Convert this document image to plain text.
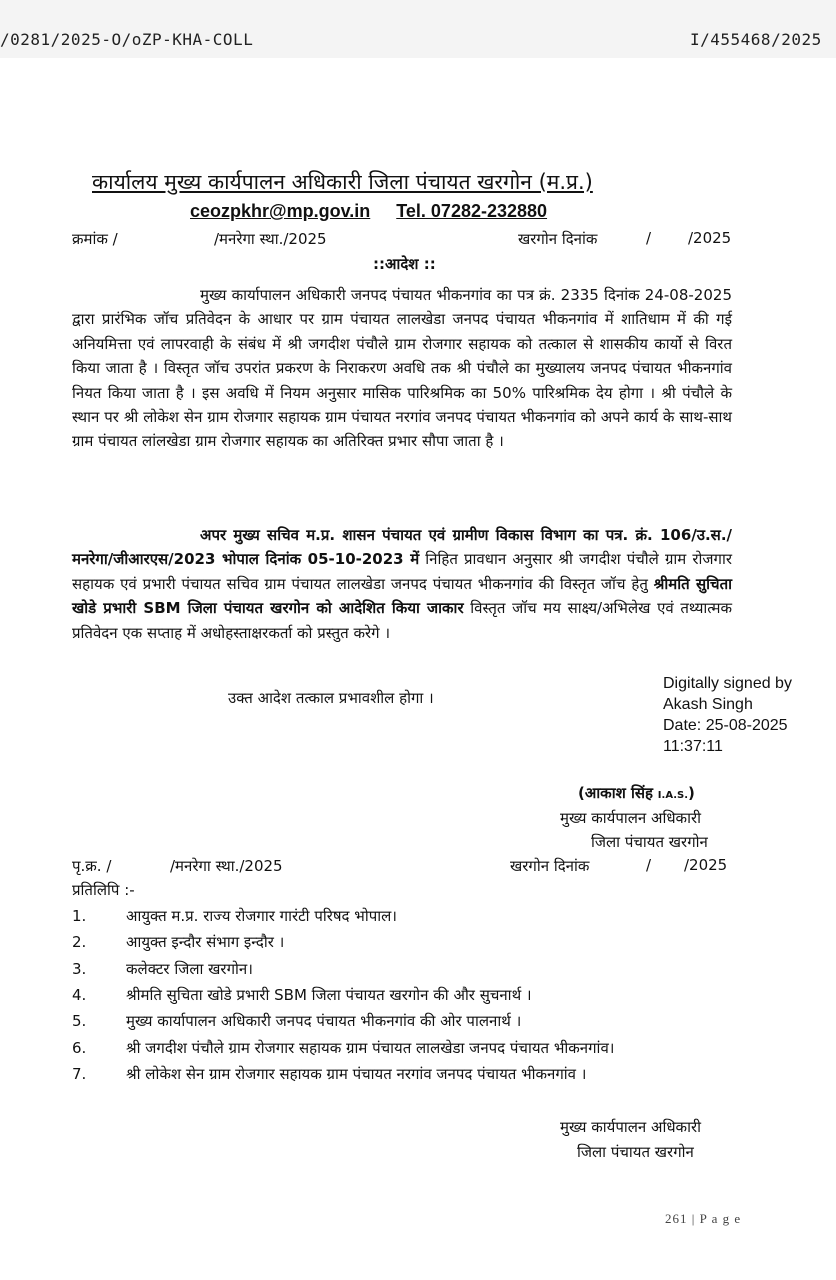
/0281/2025-O/oZP-KHA-COLL	I/455468/2025
कार्यालय मुख्य कार्यपालन अधिकारी जिला पंचायत खरगोन (म.प्र.)
ceozpkhr@mp.gov.in Tel. 07282-232880
क्रमांक /	/मनरेगा स्था./2025	खरगोन दिनांक	/ /2025
::आदेश ::
मुख्य कार्यापालन अधिकारी जनपद पंचायत भीकनगांव का पत्र क्रं. 2335 दिनांक 24-08-2025 द्वारा प्रारंभिक जॉच प्रतिवेदन के आधार पर ग्राम पंचायत लालखेडा जनपद पंचायत भीकनगांव में शातिधाम में की गई अनियमित्ता एवं लापरवाही के संबंध में श्री जगदीश पंचौले ग्राम रोजगार सहायक को तत्काल से शासकीय कार्यो से विरत किया जाता है । विस्तृत जॉच उपरांत प्रकरण के निराकरण अवधि तक श्री पंचौले का मुख्यालय जनपद पंचायत भीकनगांव नियत किया जाता है । इस अवधि में नियम अनुसार मासिक पारिश्रमिक का 50% पारिश्रमिक देय होगा । श्री पंचौले के स्थान पर श्री लोकेश सेन ग्राम रोजगार सहायक ग्राम पंचायत नरगांव जनपद पंचायत भीकनगांव को अपने कार्य के साथ-साथ ग्राम पंचायत लांलखेडा ग्राम रोजगार सहायक का अतिरिक्त प्रभार सौपा जाता है ।
अपर मुख्य सचिव म.प्र. शासन पंचायत एवं ग्रामीण विकास विभाग का पत्र. क्रं. 106/उ.स./मनरेगा/जीआरएस/2023 भोपाल दिनांक 05-10-2023 में निहित प्रावधान अनुसार श्री जगदीश पंचौले ग्राम रोजगार सहायक एवं प्रभारी पंचायत सचिव ग्राम पंचायत लालखेडा जनपद पंचायत भीकनगांव की विस्तृत जॉच हेतु श्रीमति सुचिता खोडे प्रभारी SBM जिला पंचायत खरगोन को आदेशित किया जाकार विस्तृत जॉच मय साक्ष्य/अभिलेख एवं तथ्यात्मक प्रतिवेदन एक सप्ताह में अधोहस्ताक्षरकर्ता को प्रस्तुत करेगे ।
उक्त आदेश तत्काल प्रभावशील होगा ।
Digitally signed by
Akash Singh
Date: 25-08-2025
11:37:11
(आकाश सिंह I.A.S.)
मुख्य कार्यपालन अधिकारी
जिला पंचायत खरगोन
पृ.क्र. /	/मनरेगा स्था./2025	खरगोन दिनांक	/ /2025
प्रतिलिपि :-
1.	आयुक्त म.प्र. राज्य रोजगार गारंटी परिषद भोपाल।
2.	आयुक्त इन्दौर संभाग इन्दौर ।
3.	कलेक्टर जिला खरगोन।
4.	श्रीमति सुचिता खोडे प्रभारी SBM जिला पंचायत खरगोन की और सुचनार्थ ।
5.	मुख्य कार्यापालन अधिकारी जनपद पंचायत भीकनगांव की ओर पालनार्थ ।
6.	श्री जगदीश पंचौले ग्राम रोजगार सहायक ग्राम पंचायत लालखेडा जनपद पंचायत भीकनगांव।
7.	श्री लोकेश सेन ग्राम रोजगार सहायक ग्राम पंचायत नरगांव जनपद पंचायत भीकनगांव ।
मुख्य कार्यपालन अधिकारी
जिला पंचायत खरगोन
261 | P a g e
